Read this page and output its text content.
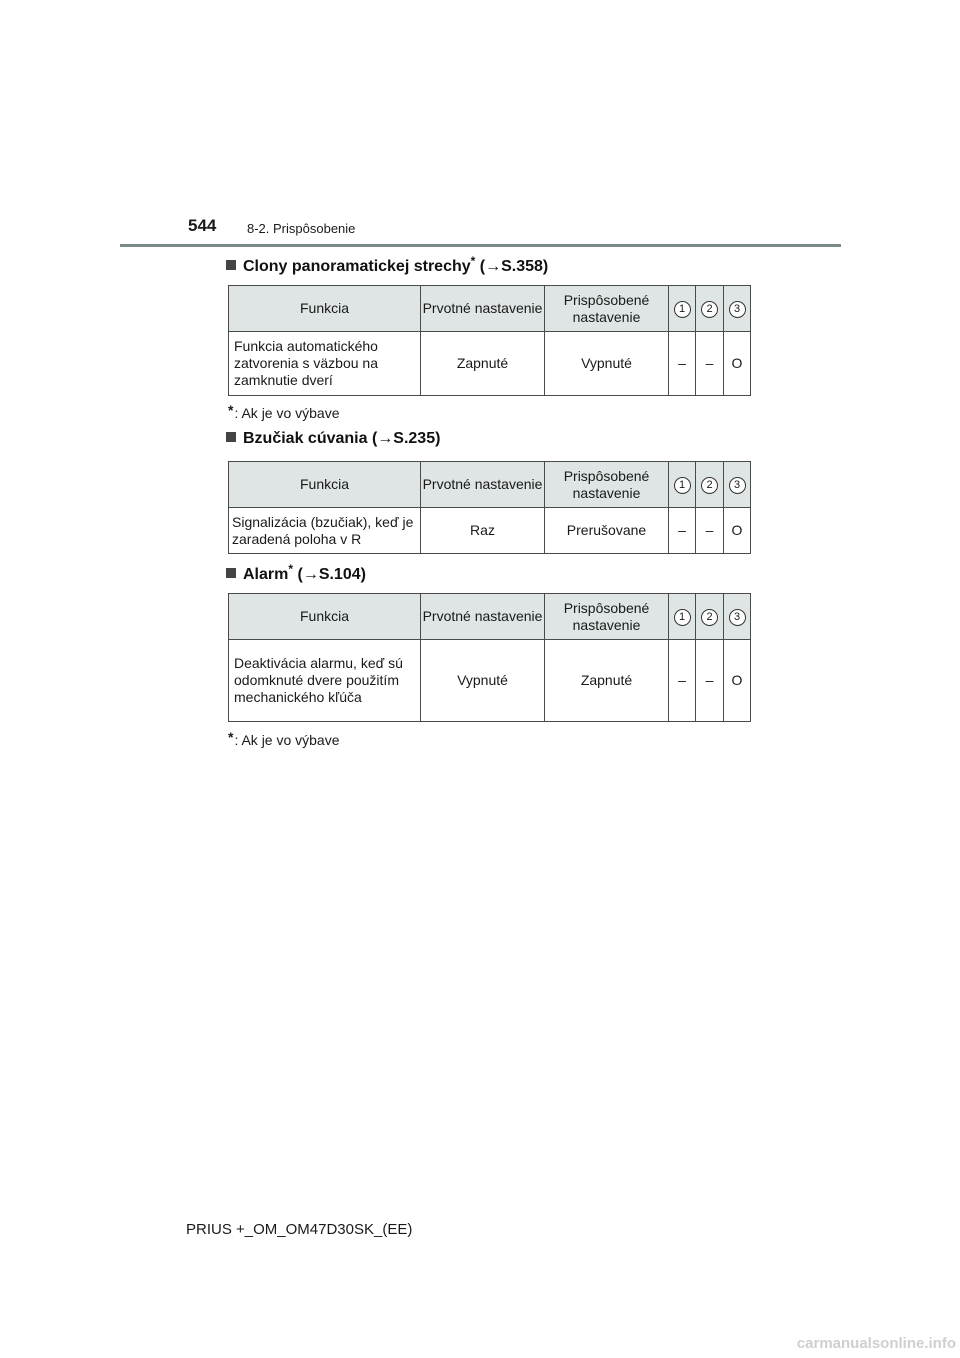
544 8-2. Prispôsobenie
Clony panoramatickej strechy* (→S.358)
Funkcia	Prvotné nastavenie	Prispôsobené nastavenie	1	2	3
Funkcia automatického zatvorenia s väzbou na zamknutie dverí	Zapnuté	Vypnuté	–	–	O
*: Ak je vo výbave
Bzučiak cúvania (→S.235)
Funkcia	Prvotné nastavenie	Prispôsobené nastavenie	1	2	3
Signalizácia (bzučiak), keď je zaradená poloha v R	Raz	Prerušovane	–	–	O
Alarm* (→S.104)
Funkcia	Prvotné nastavenie	Prispôsobené nastavenie	1	2	3
Deaktivácia alarmu, keď sú odomknuté dvere použitím mechanického kľúča	Vypnuté	Zapnuté	–	–	O
*: Ak je vo výbave
PRIUS +_OM_OM47D30SK_(EE)
carmanualsonline.info
